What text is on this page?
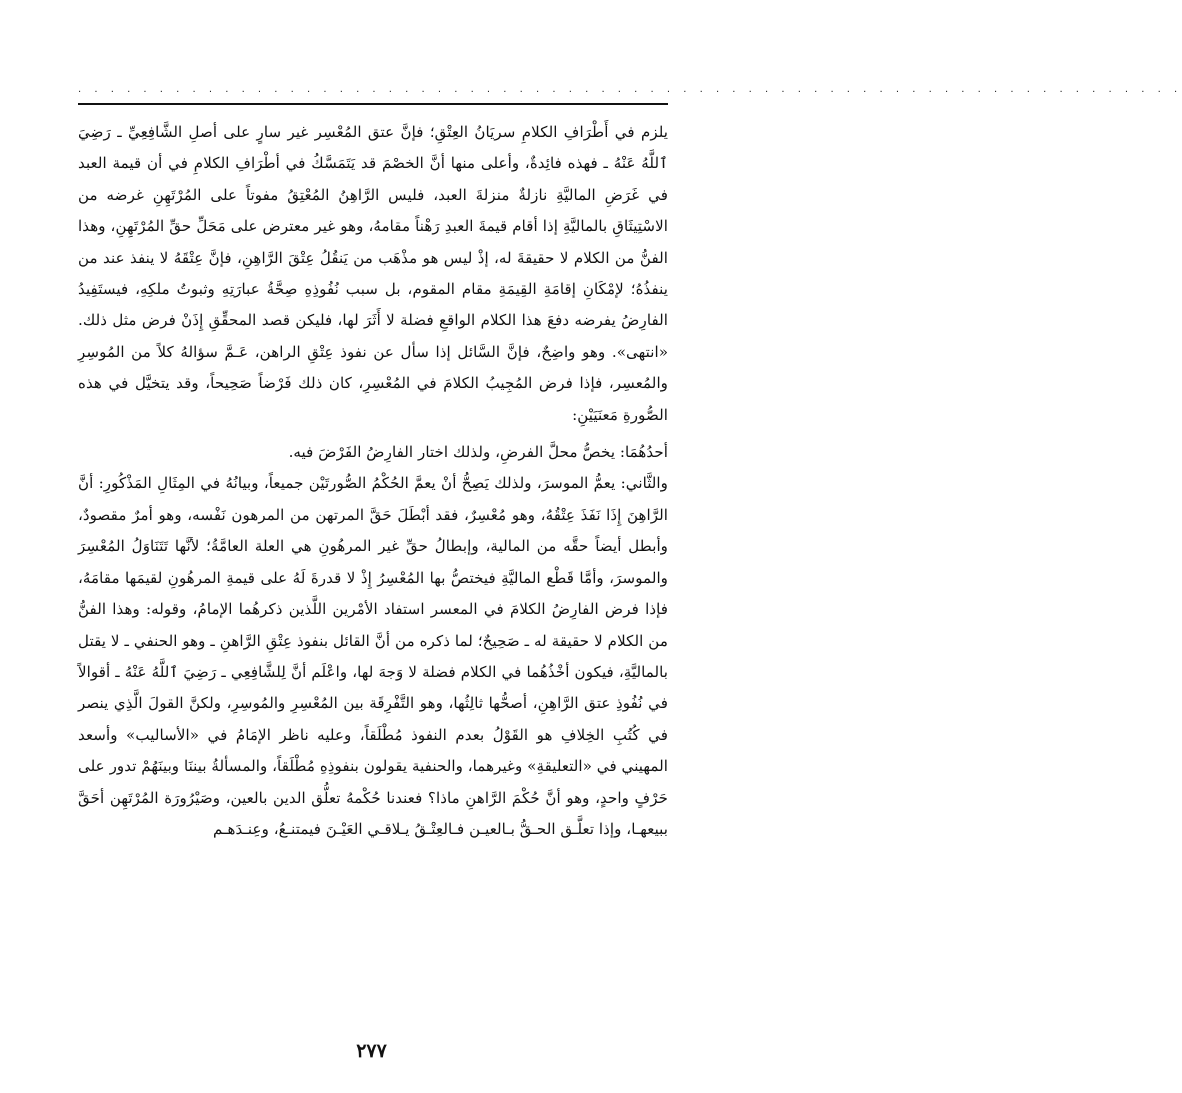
. . . . . . . . . . . . . . . . . . . . . . . . . . . . . . . . . . . . . . . . . . . . . . . . . . . . . . . . . . . . . . . . . . . .

يلزم في أَطْرَافِ الكلامِ سريَانُ العِتْقِ؛ فإنَّ عتق المُعْسِر غير سارٍ على أصلِ الشَّافِعِيِّ ـ رَضِيَ ٱللَّهُ عَنْهُ ـ فهذه فائِدةٌ، وأعلى منها أنَّ الخصْمَ قد يَتَمَسَّكُ في أطْرَافِ الكلامِ في أن قيمة العبد في غَرَضِ الماليَّةِ نازلةٌ منزلةَ العبد، فليس الرَّاهِنُ المُعْتِقُ مفوتاً على المُرْتَهِنِ غرضه من الاسْتِيثَاقِ بالماليَّةِ إذا أقام قيمةَ العبدِ رَهْناً مقامهُ، وهو غير معترض على مَحَلِّ حقِّ المُرْتَهِنِ، وهذا الفنُّ من الكلام لا حقيقةَ له، إذْ ليس هو مذْهَب من يَنقُلُ عِتْقَ الرَّاهِنِ، فإنَّ عِتْقَهُ لا ينفذ عند من ينفذُهُ؛ لإمْكَانِ إقامَةِ القِيمَةِ مقام المقوم، بل سبب نُفُوذِهِ صِحَّةُ عبارَتِهِ وثبوتُ ملكِهِ، فيستَفِيدُ الفارِضُ يفرضه دفعَ هذا الكلام الواقعِ فضلة لا أَثَرَ لها، فليكن قصد المحقِّقِ إِذَنْ فرض مثل ذلك. «انتهى». وهو واضِحٌ، فإنَّ السَّائل إذا سأل عن نفوذ عِتْقِ الراهن، عَـمَّ سؤالهُ كلاً من المُوسِرِ والمُعسِر، فإذا فرض المُجِيبُ الكلامَ في المُعْسِرِ، كان ذلك فَرْضاً صَحِيحاً، وقد يتخيَّل في هذه الصُّورةِ مَعنَيَيْنِ:

أحدُهُمَا: يخصُّ محلَّ الفرضِ، ولذلك اختار الفارِضُ الفَرْضَ فيه.

والثَّاني: يعمُّ الموسرَ، ولذلك يَصِحُّ أنْ يعمَّ الحُكْمُ الصُّورتَيْن جميعاً، وبيانُهُ في المِثَالِ المَذْكُورِ: أنَّ الرَّاهِنَ إِذَا نَفَذَ عِتْقُهُ، وهو مُعْسِرٌ، فقد أبْطَلَ حَقَّ المرتهن من المرهون نَفْسه، وهو أمرٌ مقصودٌ، وأبطل أيضاً حقَّه من المالية، وإبطالُ حقِّ غير المرهُونِ هي العلة العامَّةُ؛ لأنَّها تَتَنَاوَلُ المُعْسِرَ والموسرَ، وأمَّا قَطْع الماليَّةِ فيختصُّ بها المُعْسِرُ إِذْ لا قدرةَ لَهُ على قيمةِ المرهُونِ لقيمَها مقامَهُ، فإذا فرض الفارِضُ الكلامَ في المعسر استفاد الأمْرين اللَّذين ذكرهُما الإمامُ، وقوله: وهذا الفنُّ من الكلام لا حقيقة له ـ صَحِيحٌ؛ لما ذكره من أنَّ القائل بنفوذ عِتْقِ الرَّاهنِ ـ وهو الحنفي ـ لا يقتل بالماليَّةِ، فيكون أخْذُهُما في الكلام فضلة لا وَجهَ لها، واعْلَم أنَّ لِلشَّافِعِي ـ رَضِيَ ٱللَّهُ عَنْهُ ـ أقوالاً في نُفُوذِ عتق الرَّاهِنِ، أصحُّها ثالِثُها، وهو التَّفْرِقَة بين المُعْسِرِ والمُوسِرِ، ولكنَّ القولَ الَّذِي ينصر في كُتُبِ الخِلافِ هو القَوْلُ بعدم النفوذ مُطْلَقاً، وعليه ناظر الإمَامُ في «الأساليب» وأسعد المهيني في «التعليقةِ» وغيرهما، والحنفية يقولون بنفوذِهِ مُطْلَقاً، والمسألةُ بيننَا وبينَهُمْ تدور على حَرْفٍ واحدٍ، وهو أنَّ حُكْمَ الرَّاهنِ ماذا؟ فعندنا حُكْمهُ تعلُّق الدين بالعين، وصَيْرُورَة المُرْتَهِن أحَقَّ ببيعهـا، وإذا تعلَّـق الحـقُّ بـالعيـن فـالعِتْـقُ يـلاقـي العَيْـنَ فيمتنـعُ، وعِنـدَهـم

٢٧٧
